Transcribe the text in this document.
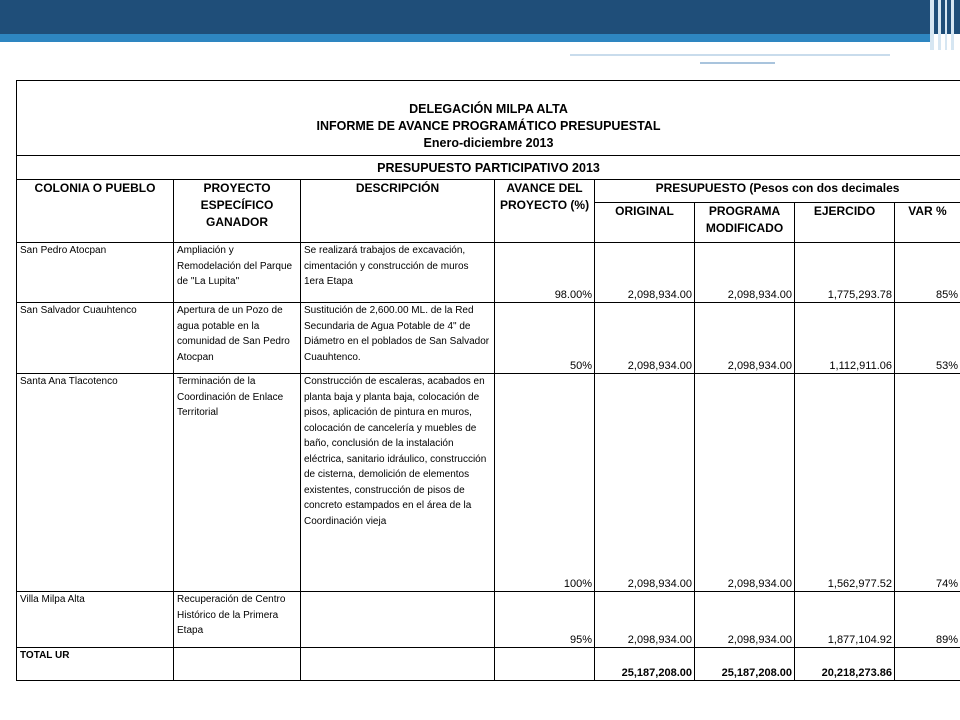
DELEGACIÓN MILPA ALTA
INFORME DE AVANCE PROGRAMÁTICO PRESUPUESTAL
Enero-diciembre 2013							

PRESUPUESTO PARTICIPATIVO 2013							
COLONIA O PUEBLO	PROYECTO ESPECÍFICO GANADOR	DESCRIPCIÓN	AVANCE DEL PROYECTO (%)	PRESUPUESTO (Pesos con dos decimales			
				ORIGINAL	PROGRAMA MODIFICADO	EJERCIDO	VAR %
San Pedro Atocpan	Ampliación y Remodelación del Parque de "La Lupita"	Se realizará trabajos de excavación, cimentación y construcción de muros 1era Etapa	98.00%	2,098,934.00	2,098,934.00	1,775,293.78	85%
San Salvador Cuauhtenco	Apertura de un Pozo de agua potable en la comunidad de San Pedro Atocpan	Sustitución de 2,600.00 ML. de la Red Secundaria de Agua Potable de 4" de Diámetro en el poblados de San Salvador Cuauhtenco.	50%	2,098,934.00	2,098,934.00	1,112,911.06	53%
Santa Ana Tlacotenco	Terminación de la Coordinación de Enlace Territorial	Construcción de escaleras, acabados en planta baja y planta baja, colocación de pisos, aplicación de pintura en muros, colocación de cancelería y muebles de baño, conclusión de la instalación eléctrica, sanitario idráulico, construcción de cisterna, demolición de elementos existentes, construcción de pisos de concreto estampados en el área de la Coordinación vieja	100%	2,098,934.00	2,098,934.00	1,562,977.52	74%
Villa Milpa Alta	Recuperación de Centro Histórico de la Primera Etapa		95%	2,098,934.00	2,098,934.00	1,877,104.92	89%
TOTAL UR				25,187,208.00	25,187,208.00	20,218,273.86	
